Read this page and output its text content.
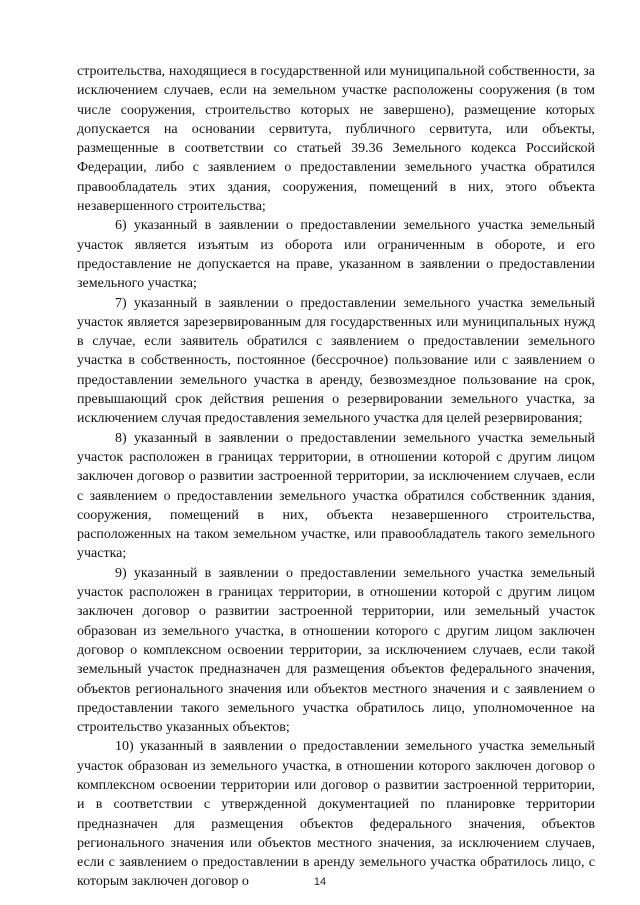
строительства, находящиеся в государственной или муниципальной собственности, за исключением случаев, если на земельном участке расположены сооружения (в том числе сооружения, строительство которых не завершено), размещение которых допускается на основании сервитута, публичного сервитута, или объекты, размещенные в соответствии со статьей 39.36 Земельного кодекса Российской Федерации, либо с заявлением о предоставлении земельного участка обратился правообладатель этих здания, сооружения, помещений в них, этого объекта незавершенного строительства;

6) указанный в заявлении о предоставлении земельного участка земельный участок является изъятым из оборота или ограниченным в обороте, и его предоставление не допускается на праве, указанном в заявлении о предоставлении земельного участка;

7) указанный в заявлении о предоставлении земельного участка земельный участок является зарезервированным для государственных или муниципальных нужд в случае, если заявитель обратился с заявлением о предоставлении земельного участка в собственность, постоянное (бессрочное) пользование или с заявлением о предоставлении земельного участка в аренду, безвозмездное пользование на срок, превышающий срок действия решения о резервировании земельного участка, за исключением случая предоставления земельного участка для целей резервирования;

8) указанный в заявлении о предоставлении земельного участка земельный участок расположен в границах территории, в отношении которой с другим лицом заключен договор о развитии застроенной территории, за исключением случаев, если с заявлением о предоставлении земельного участка обратился собственник здания, сооружения, помещений в них, объекта незавершенного строительства, расположенных на таком земельном участке, или правообладатель такого земельного участка;

9) указанный в заявлении о предоставлении земельного участка земельный участок расположен в границах территории, в отношении которой с другим лицом заключен договор о развитии застроенной территории, или земельный участок образован из земельного участка, в отношении которого с другим лицом заключен договор о комплексном освоении территории, за исключением случаев, если такой земельный участок предназначен для размещения объектов федерального значения, объектов регионального значения или объектов местного значения и с заявлением о предоставлении такого земельного участка обратилось лицо, уполномоченное на строительство указанных объектов;

10) указанный в заявлении о предоставлении земельного участка земельный участок образован из земельного участка, в отношении которого заключен договор о комплексном освоении территории или договор о развитии застроенной территории, и в соответствии с утвержденной документацией по планировке территории предназначен для размещения объектов федерального значения, объектов регионального значения или объектов местного значения, за исключением случаев, если с заявлением о предоставлении в аренду земельного участка обратилось лицо, с которым заключен договор о	14
